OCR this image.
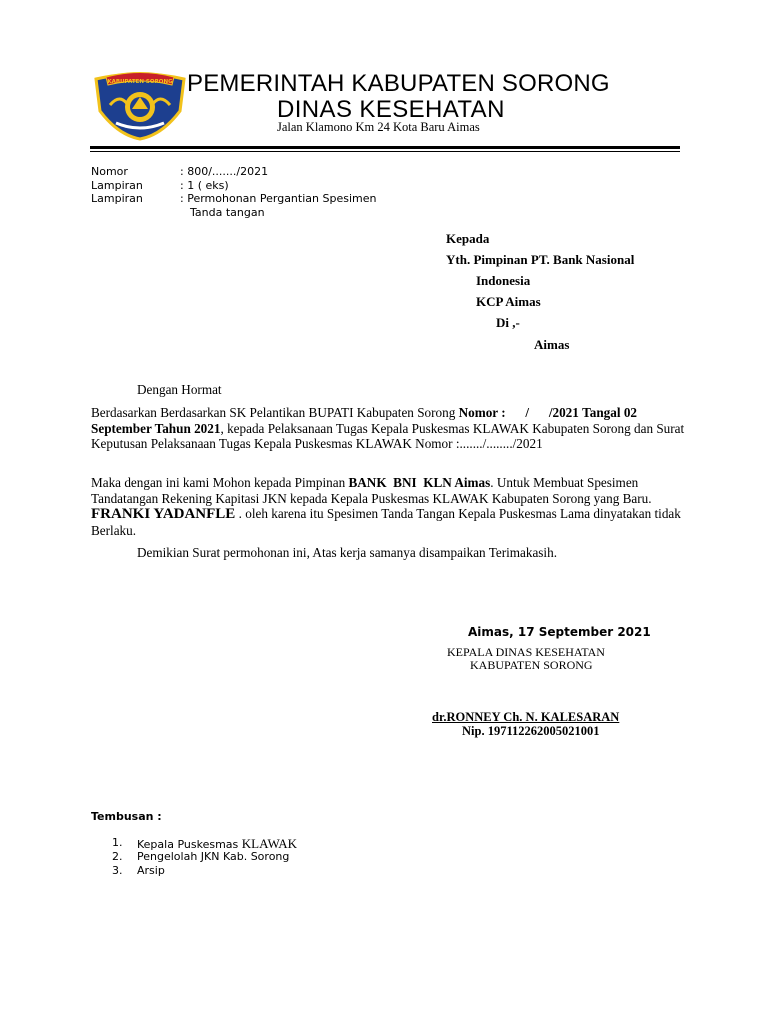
KABUPATEN SORONG PEMERINTAH KABUPATEN SORONG
DINAS KESEHATAN
Jalan Klamono Km 24 Kota Baru Aimas
Nomor	: 800/......./2021
Lampiran	: 1 ( eks)
Lampiran	: Permohonan Pergantian Spesimen
Tanda tangan
Kepada
Yth. Pimpinan PT. Bank Nasional
Indonesia
KCP Aimas
Di ,-
Aimas
Dengan Hormat
Berdasarkan Berdasarkan SK Pelantikan BUPATI Kabupaten Sorong Nomor :      /      /2021 Tangal 02 September Tahun 2021, kepada Pelaksanaan Tugas Kepala Puskesmas KLAWAK Kabupaten Sorong dan Surat Keputusan Pelaksanaan Tugas Kepala Puskesmas KLAWAK Nomor :......./......../2021
Maka dengan ini kami Mohon kepada Pimpinan BANK  BNI  KLN Aimas. Untuk Membuat Spesimen Tandatangan Rekening Kapitasi JKN kepada Kepala Puskesmas KLAWAK Kabupaten Sorong yang Baru. FRANKI YADANFLE . oleh karena itu Spesimen Tanda Tangan Kepala Puskesmas Lama dinyatakan tidak Berlaku.
Demikian Surat permohonan ini, Atas kerja samanya disampaikan Terimakasih.
Aimas, 17 September 2021
KEPALA DINAS KESEHATAN
KABUPATEN SORONG
dr.RONNEY Ch. N. KALESARAN
Nip. 197112262005021001
Tembusan :
1. Kepala Puskesmas KLAWAK
2. Pengelolah JKN Kab. Sorong
3. Arsip
